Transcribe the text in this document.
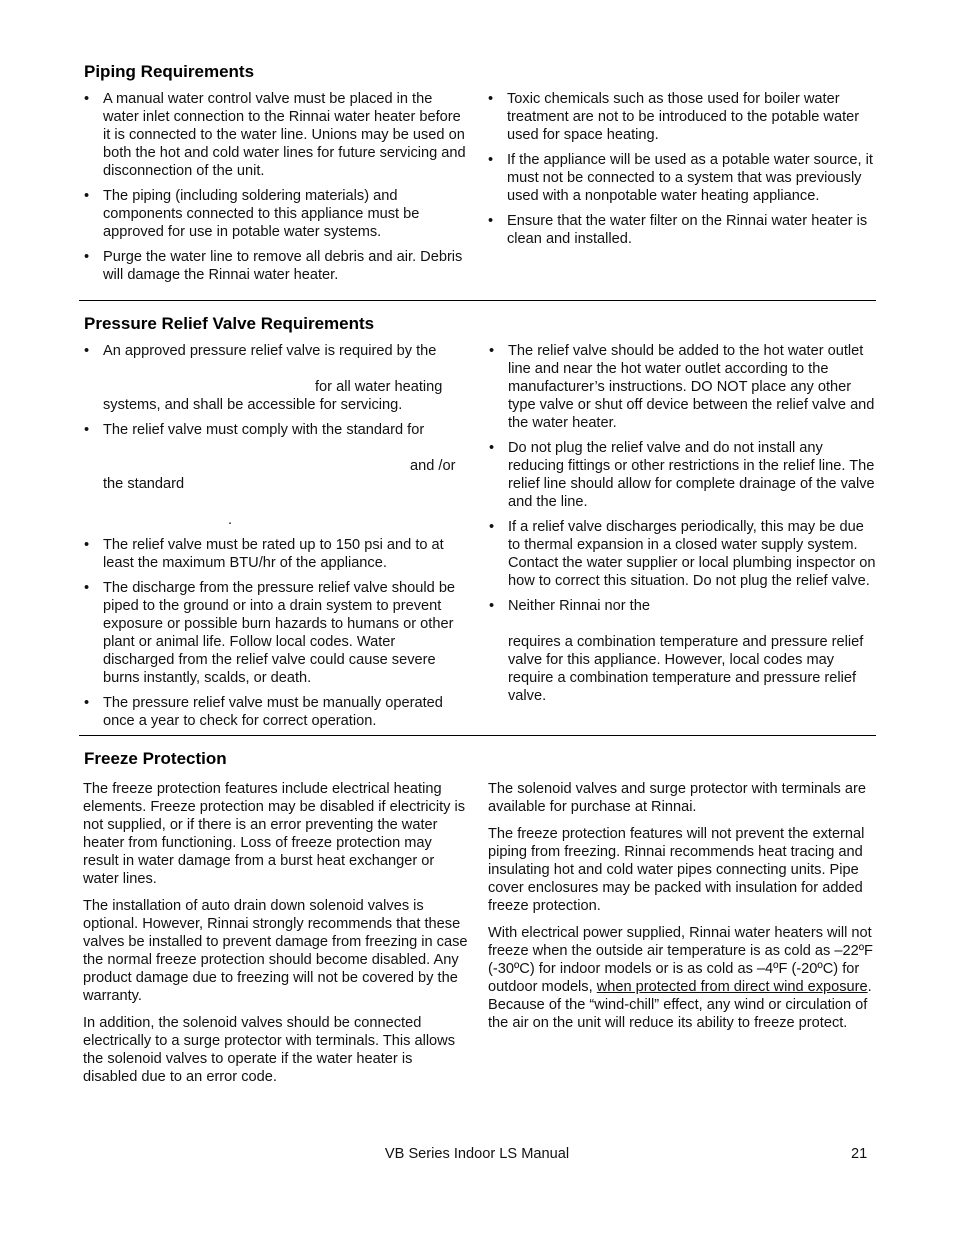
Piping Requirements
• A manual water control valve must be placed in the water inlet connection to the Rinnai water heater before it is connected to the water line. Unions may be used on both the hot and cold water lines for future servicing and disconnection of the unit.
• The piping (including soldering materials) and components connected to this appliance must be approved for use in potable water systems.
• Purge the water line to remove all debris and air. Debris will damage the Rinnai water heater.
• Toxic chemicals such as those used for boiler water treatment are not to be introduced to the potable water used for space heating.
• If the appliance will be used as a potable water source, it must not be connected to a system that was previously used with a nonpotable water heating appliance.
• Ensure that the water filter on the Rinnai water heater is clean and installed.
Pressure Relief Valve Requirements
• An approved pressure relief valve is required by the

for all water heating
systems, and shall be accessible for servicing.
• The relief valve must comply with the standard for

and /or
the standard

.
• The relief valve must be rated up to 150 psi and to at least the maximum BTU/hr of the appliance.
• The discharge from the pressure relief valve should be piped to the ground or into a drain system to prevent exposure or possible burn hazards to humans or other plant or animal life. Follow local codes. Water discharged from the relief valve could cause severe burns instantly, scalds, or death.
• The pressure relief valve must be manually operated once a year to check for correct operation.
• The relief valve should be added to the hot water outlet line and near the hot water outlet according to the manufacturer’s instructions. DO NOT place any other type valve or shut off device between the relief valve and the water heater.
• Do not plug the relief valve and do not install any reducing fittings or other restrictions in the relief line. The relief line should allow for complete drainage of the valve and the line.
• If a relief valve discharges periodically, this may be due to thermal expansion in a closed water supply system. Contact the water supplier or local plumbing inspector on how to correct this situation. Do not plug the relief valve.
• Neither Rinnai nor the

requires a combination temperature and pressure relief valve for this appliance. However, local codes may require a combination temperature and pressure relief valve.
Freeze Protection

The freeze protection features include electrical heating elements. Freeze protection may be disabled if electricity is not supplied, or if there is an error preventing the water heater from functioning. Loss of freeze protection may result in water damage from a burst heat exchanger or water lines.

The installation of auto drain down solenoid valves is optional. However, Rinnai strongly recommends that these valves be installed to prevent damage from freezing in case the normal freeze protection should become disabled. Any product damage due to freezing will not be covered by the warranty.

In addition, the solenoid valves should be connected electrically to a surge protector with terminals. This allows the solenoid valves to operate if the water heater is disabled due to an error code.

The solenoid valves and surge protector with terminals are available for purchase at Rinnai.

The freeze protection features will not prevent the external piping from freezing. Rinnai recommends heat tracing and insulating hot and cold water pipes connecting units. Pipe cover enclosures may be packed with insulation for added freeze protection.

With electrical power supplied, Rinnai water heaters will not freeze when the outside air temperature is as cold as –22ºF (-30ºC) for indoor models or is as cold as –4ºF (-20ºC) for outdoor models, when protected from direct wind exposure. Because of the “wind-chill” effect, any wind or circulation of the air on the unit will reduce its ability to freeze protect.

VB Series Indoor LS Manual	21
